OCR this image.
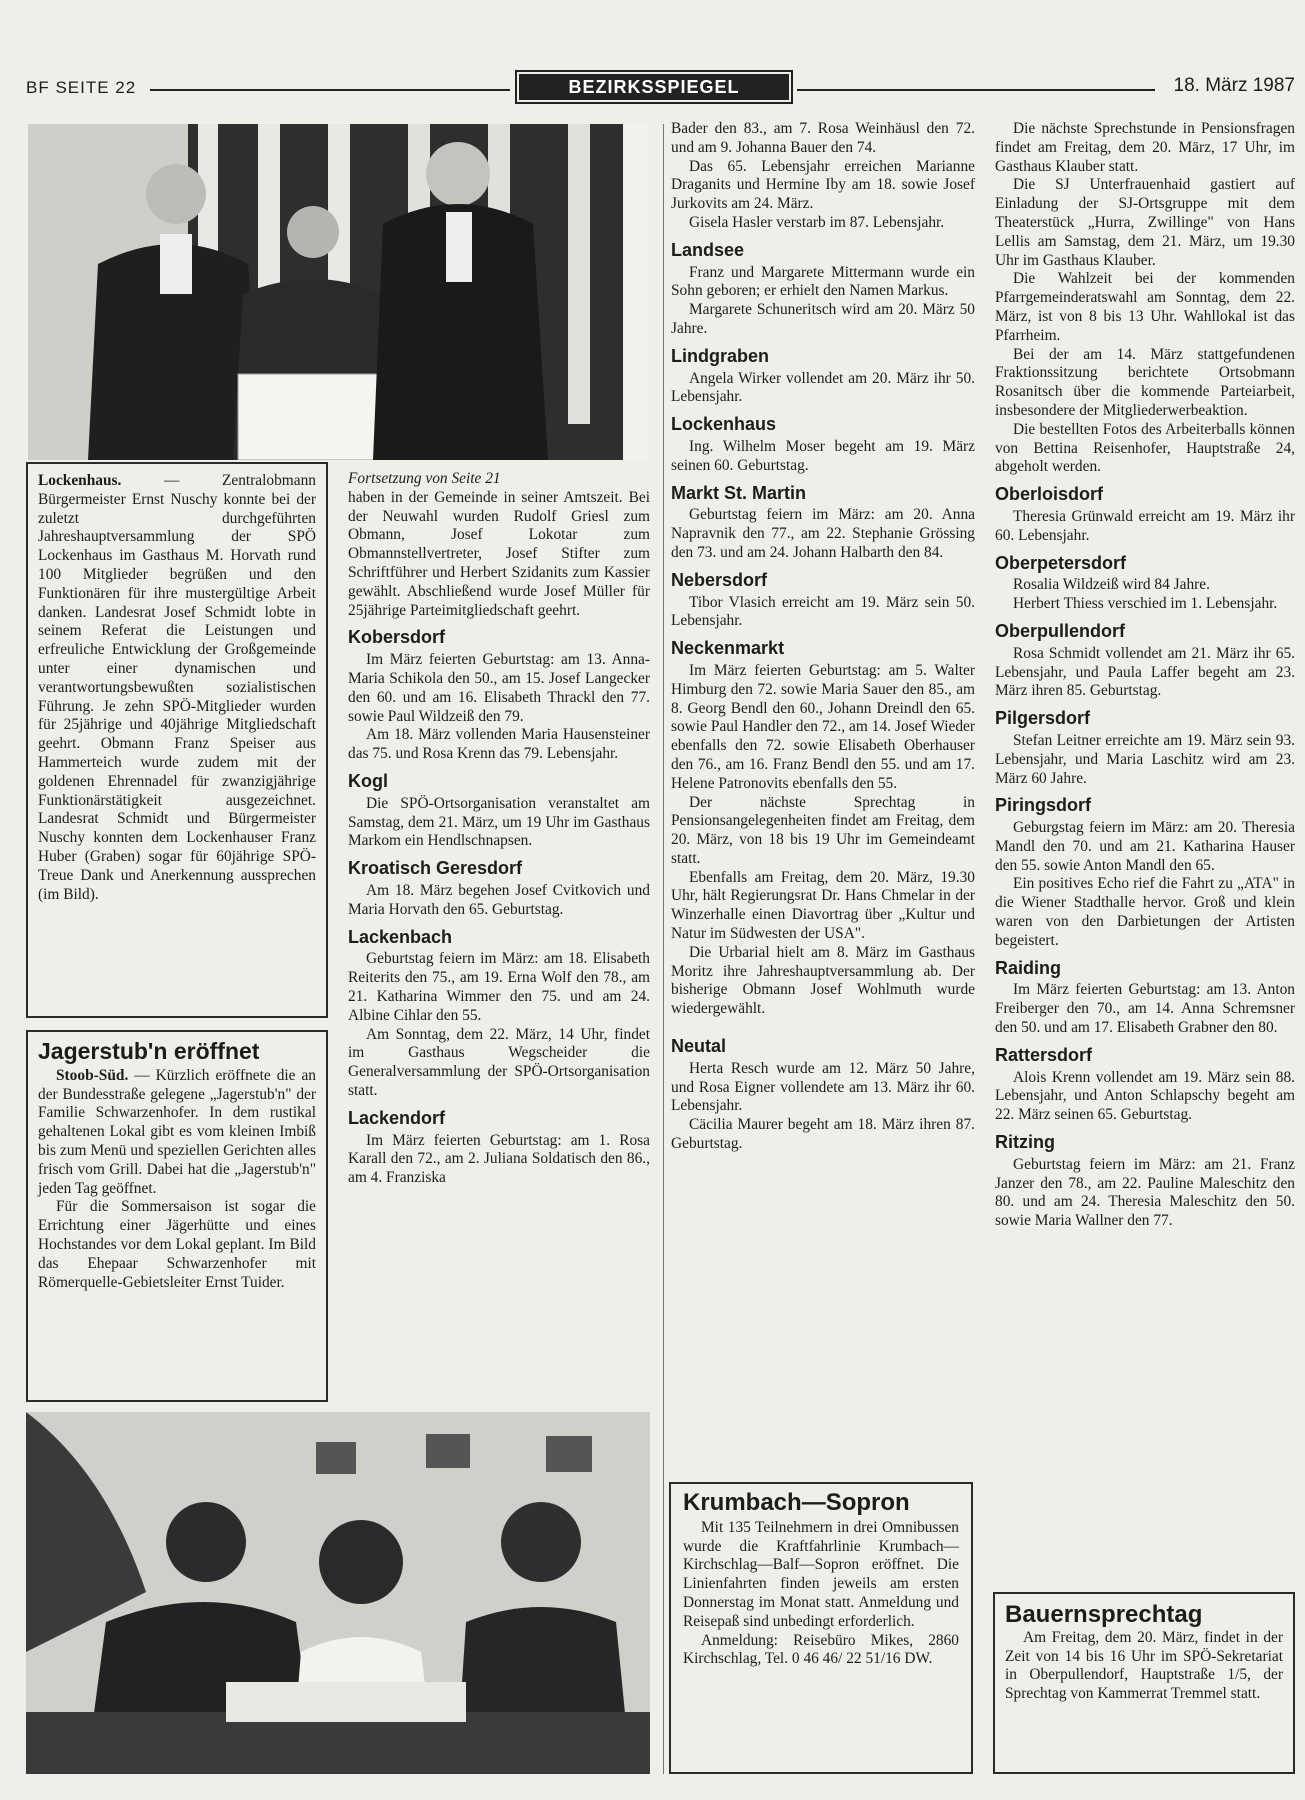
BF SEITE 22	BEZIRKSSPIEGEL	18. März 1987

Lockenhaus. — Zentralobmann Bürgermeister Ernst Nuschy konnte bei der zuletzt durchgeführten Jahreshauptversammlung der SPÖ Lockenhaus im Gasthaus M. Horvath rund 100 Mitglieder begrüßen und den Funktionären für ihre mustergültige Arbeit danken. Landesrat Josef Schmidt lobte in seinem Referat die Leistungen und erfreuliche Entwicklung der Großgemeinde unter einer dynamischen und verantwortungsbewußten sozialistischen Führung. Je zehn SPÖ-Mitglieder wurden für 25jährige und 40jährige Mitgliedschaft geehrt. Obmann Franz Speiser aus Hammerteich wurde zudem mit der goldenen Ehrennadel für zwanzigjährige Funktionärstätigkeit ausgezeichnet. Landesrat Schmidt und Bürgermeister Nuschy konnten dem Lockenhauser Franz Huber (Graben) sogar für 60jährige SPÖ-Treue Dank und Anerkennung aussprechen (im Bild).

Jagerstub'n eröffnet

Stoob-Süd. — Kürzlich eröffnete die an der Bundesstraße gelegene „Jagerstub'n" der Familie Schwarzenhofer. In dem rustikal gehaltenen Lokal gibt es vom kleinen Imbiß bis zum Menü und speziellen Gerichten alles frisch vom Grill. Dabei hat die „Jagerstub'n" jeden Tag geöffnet.

Für die Sommersaison ist sogar die Errichtung einer Jägerhütte und eines Hochstandes vor dem Lokal geplant. Im Bild das Ehepaar Schwarzenhofer mit Römerquelle-Gebietsleiter Ernst Tuider.

Fortsetzung von Seite 21

haben in der Gemeinde in seiner Amtszeit. Bei der Neuwahl wurden Rudolf Griesl zum Obmann, Josef Lokotar zum Obmannstellvertreter, Josef Stifter zum Schriftführer und Herbert Szidanits zum Kassier gewählt. Abschließend wurde Josef Müller für 25jährige Parteimitgliedschaft geehrt.

Kobersdorf

Im März feierten Geburtstag: am 13. Anna-Maria Schikola den 50., am 15. Josef Langecker den 60. und am 16. Elisabeth Thrackl den 77. sowie Paul Wildzeiß den 79.

Am 18. März vollenden Maria Hausensteiner das 75. und Rosa Krenn das 79. Lebensjahr.

Kogl

Die SPÖ-Ortsorganisation veranstaltet am Samstag, dem 21. März, um 19 Uhr im Gasthaus Markom ein Hendlschnapsen.

Kroatisch Geresdorf

Am 18. März begehen Josef Cvitkovich und Maria Horvath den 65. Geburtstag.

Lackenbach

Geburtstag feiern im März: am 18. Elisabeth Reiterits den 75., am 19. Erna Wolf den 78., am 21. Katharina Wimmer den 75. und am 24. Albine Cihlar den 55.

Am Sonntag, dem 22. März, 14 Uhr, findet im Gasthaus Wegscheider die Generalversammlung der SPÖ-Ortsorganisation statt.

Lackendorf

Im März feierten Geburtstag: am 1. Rosa Karall den 72., am 2. Juliana Soldatisch den 86., am 4. Franziska

Bader den 83., am 7. Rosa Weinhäusl den 72. und am 9. Johanna Bauer den 74.

Das 65. Lebensjahr erreichen Marianne Draganits und Hermine Iby am 18. sowie Josef Jurkovits am 24. März.

Gisela Hasler verstarb im 87. Lebensjahr.

Landsee

Franz und Margarete Mittermann wurde ein Sohn geboren; er erhielt den Namen Markus.

Margarete Schuneritsch wird am 20. März 50 Jahre.

Lindgraben

Angela Wirker vollendet am 20. März ihr 50. Lebensjahr.

Lockenhaus

Ing. Wilhelm Moser begeht am 19. März seinen 60. Geburtstag.

Markt St. Martin

Geburtstag feiern im März: am 20. Anna Napravnik den 77., am 22. Stephanie Grössing den 73. und am 24. Johann Halbarth den 84.

Nebersdorf

Tibor Vlasich erreicht am 19. März sein 50. Lebensjahr.

Neckenmarkt

Im März feierten Geburtstag: am 5. Walter Himburg den 72. sowie Maria Sauer den 85., am 8. Georg Bendl den 60., Johann Dreindl den 65. sowie Paul Handler den 72., am 14. Josef Wieder ebenfalls den 72. sowie Elisabeth Oberhauser den 76., am 16. Franz Bendl den 55. und am 17. Helene Patronovits ebenfalls den 55.

Der nächste Sprechtag in Pensionsangelegenheiten findet am Freitag, dem 20. März, von 18 bis 19 Uhr im Gemeindeamt statt.

Ebenfalls am Freitag, dem 20. März, 19.30 Uhr, hält Regierungsrat Dr. Hans Chmelar in der Winzerhalle einen Diavortrag über „Kultur und Natur im Südwesten der USA".

Die Urbarial hielt am 8. März im Gasthaus Moritz ihre Jahreshauptversammlung ab. Der bisherige Obmann Josef Wohlmuth wurde wiedergewählt.

Neutal

Herta Resch wurde am 12. März 50 Jahre, und Rosa Eigner vollendete am 13. März ihr 60. Lebensjahr.

Cäcilia Maurer begeht am 18. März ihren 87. Geburtstag.

Krumbach—Sopron

Mit 135 Teilnehmern in drei Omnibussen wurde die Kraftfahrlinie Krumbach—Kirchschlag—Balf—Sopron eröffnet. Die Linienfahrten finden jeweils am ersten Donnerstag im Monat statt. Anmeldung und Reisepaß sind unbedingt erforderlich.

Anmeldung: Reisebüro Mikes, 2860 Kirchschlag, Tel. 0 46 46/ 22 51/16 DW.

Die nächste Sprechstunde in Pensionsfragen findet am Freitag, dem 20. März, 17 Uhr, im Gasthaus Klauber statt.

Die SJ Unterfrauenhaid gastiert auf Einladung der SJ-Ortsgruppe mit dem Theaterstück „Hurra, Zwillinge" von Hans Lellis am Samstag, dem 21. März, um 19.30 Uhr im Gasthaus Klauber.

Die Wahlzeit bei der kommenden Pfarrgemeinderatswahl am Sonntag, dem 22. März, ist von 8 bis 13 Uhr. Wahllokal ist das Pfarrheim.

Bei der am 14. März stattgefundenen Fraktionssitzung berichtete Ortsobmann Rosanitsch über die kommende Parteiarbeit, insbesondere der Mitgliederwerbeaktion.

Die bestellten Fotos des Arbeiterballs können von Bettina Reisenhofer, Hauptstraße 24, abgeholt werden.

Oberloisdorf

Theresia Grünwald erreicht am 19. März ihr 60. Lebensjahr.

Oberpetersdorf

Rosalia Wildzeiß wird 84 Jahre.

Herbert Thiess verschied im 1. Lebensjahr.

Oberpullendorf

Rosa Schmidt vollendet am 21. März ihr 65. Lebensjahr, und Paula Laffer begeht am 23. März ihren 85. Geburtstag.

Pilgersdorf

Stefan Leitner erreichte am 19. März sein 93. Lebensjahr, und Maria Laschitz wird am 23. März 60 Jahre.

Piringsdorf

Geburgstag feiern im März: am 20. Theresia Mandl den 70. und am 21. Katharina Hauser den 55. sowie Anton Mandl den 65.

Ein positives Echo rief die Fahrt zu „ATA" in die Wiener Stadthalle hervor. Groß und klein waren von den Darbietungen der Artisten begeistert.

Raiding

Im März feierten Geburtstag: am 13. Anton Freiberger den 70., am 14. Anna Schremsner den 50. und am 17. Elisabeth Grabner den 80.

Rattersdorf

Alois Krenn vollendet am 19. März sein 88. Lebensjahr, und Anton Schlapschy begeht am 22. März seinen 65. Geburtstag.

Ritzing

Geburtstag feiern im März: am 21. Franz Janzer den 78., am 22. Pauline Maleschitz den 80. und am 24. Theresia Maleschitz den 50. sowie Maria Wallner den 77.

Bauernsprechtag

Am Freitag, dem 20. März, findet in der Zeit von 14 bis 16 Uhr im SPÖ-Sekretariat in Oberpullendorf, Hauptstraße 1/5, der Sprechtag von Kammerrat Tremmel statt.
